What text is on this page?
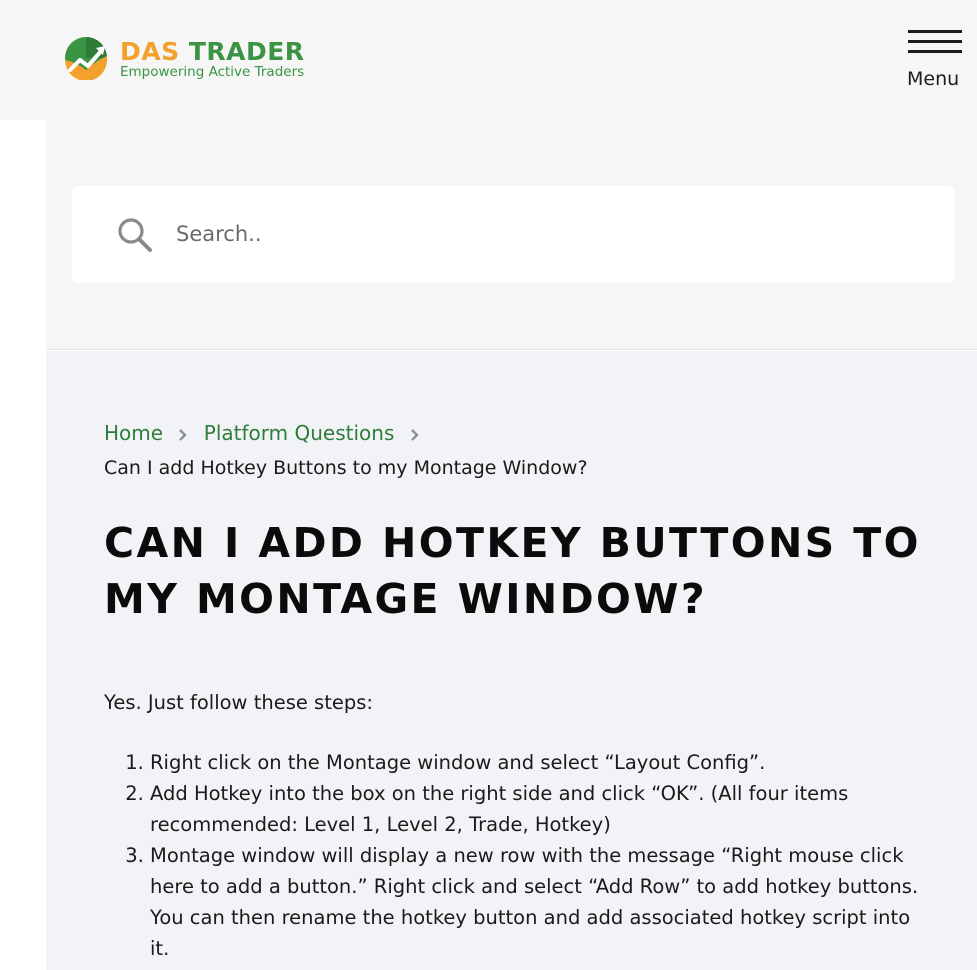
DAS TRADER
Empowering Active Traders	Menu
Search..
Home Platform Questions
Can I add Hotkey Buttons to my Montage Window?
CAN I ADD HOTKEY BUTTONS TO MY MONTAGE WINDOW?

Yes. Just follow these steps:

1. Right click on the Montage window and select “Layout Config”.
2. Add Hotkey into the box on the right side and click “OK”. (All four items recommended: Level 1, Level 2, Trade, Hotkey)
3. Montage window will display a new row with the message “Right mouse click here to add a button.” Right click and select “Add Row” to add hotkey buttons. You can then rename the hotkey button and add associated hotkey script into it.
